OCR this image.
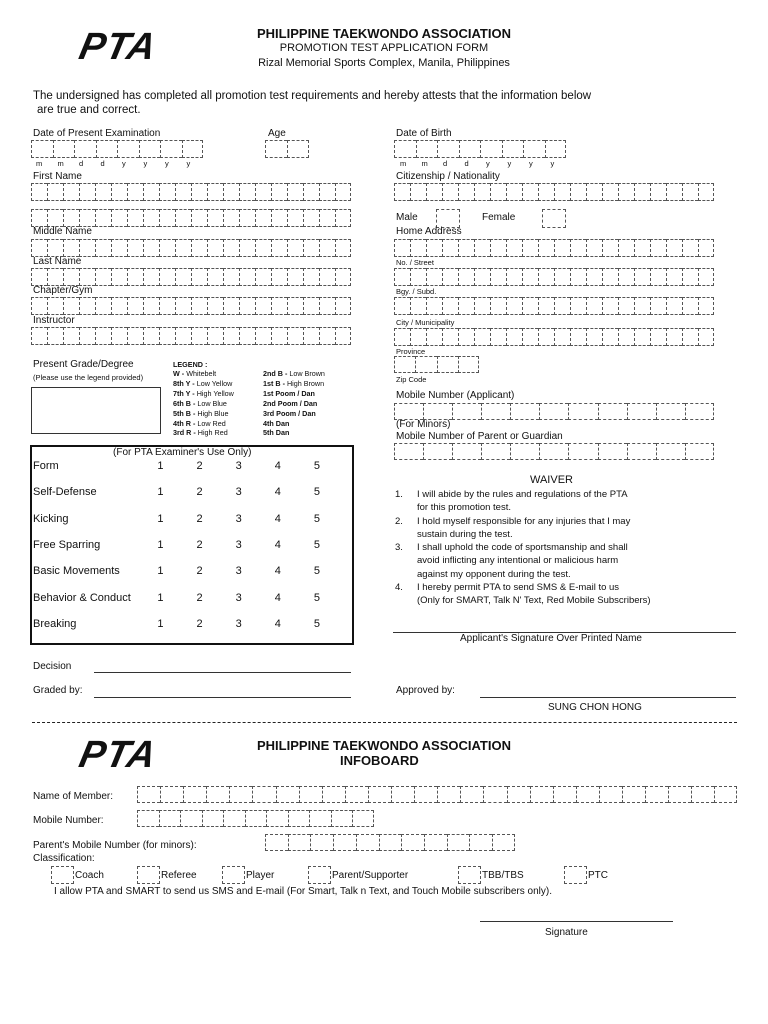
PTA	PHILIPPINE TAEKWONDO ASSOCIATION
PROMOTION TEST APPLICATION FORM
Rizal Memorial Sports Complex, Manila, Philippines
The undersigned has completed all promotion test requirements and hereby attests that the information below
are true and correct.
Date of Present Examination
m	m	d	d	y	y	y	y
Age
First Name
Middle Name
Last Name
Chapter/Gym
Instructor
Present Grade/Degree
(Please use the legend provided)
LEGEND :
W - Whitebelt
8th Y - Low Yellow
7th Y - High Yellow
6th B - Low Blue
5th B - High Blue
4th R - Low Red
3rd R - High Red
2nd B - Low Brown
1st B - High Brown
1st Poom / Dan
2nd Poom / Dan
3rd Poom / Dan
4th Dan
5th Dan
(For PTA Examiner's Use Only)
Form	1	2	3	4	5
Self-Defense	1	2	3	4	5
Kicking	1	2	3	4	5
Free Sparring	1	2	3	4	5
Basic Movements	1	2	3	4	5
Behavior & Conduct	1	2	3	4	5
Breaking	1	2	3	4	5
Date of Birth
m	m	d	d	y	y	y	y
Citizenship / Nationality
Male	Female
Home Address
No. / Street
Bgy. / Subd.
City / Municipality
Province
Zip Code
Mobile Number (Applicant)
(For Minors)
Mobile Number of Parent or Guardian
WAIVER
1.	I will abide by the rules and regulations of the PTA
for this promotion test.
2.	I hold myself responsible for any injuries that I may
sustain during the test.
3.	I shall uphold the code of sportsmanship and shall
avoid inflicting any intentional or malicious harm
against my opponent during the test.
4.	I hereby permit PTA to send SMS & E-mail to us
(Only for SMART, Talk N' Text, Red Mobile Subscribers)
Applicant's Signature Over Printed Name
Decision
Graded by:	Approved by:
SUNG CHON HONG
PTA	PHILIPPINE TAEKWONDO ASSOCIATION
INFOBOARD
Name of Member:
Mobile Number:
Parent's Mobile Number (for minors):
Classification:
Coach	Referee	Player	Parent/Supporter	TBB/TBS	PTC
I allow PTA and SMART to send us SMS and E-mail (For Smart, Talk n Text, and Touch Mobile subscribers only).
Signature
